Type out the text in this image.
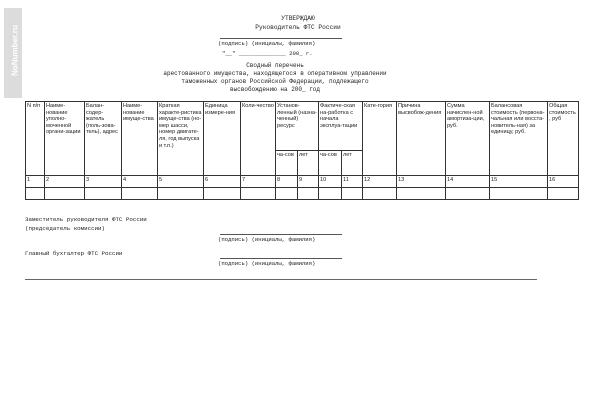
NoNumber.ru
УТВЕРЖДАЮ
Руководитель ФТС России
(подпись) (инициалы, фамилия)
"__" ______________ 200_ г.
Сводный перечень
арестованного имущества, находящегося в оперативном управлении
таможенных органов Российской Федерации, подлежащего
высвобождению на 200_ год
N п/п	Наиме-нование уполно-моченной органи-зации	Балан-содер-жатель (поль-зова-тель), адрес	Наиме-нование имуще-ства	Краткая характе-ристика имуще-ства (но-мер шасси, номер двигате-ля, год выпуска и т.п.)	Единица измере-ния	Коли-чество	Установ-ленный (назна-ченный) ресурс		Фактиче-ская на-работка с начала эксплуа-тации		Кате-гория	Причина высвобож-дения	Сумма начислен-ной амортиза-ции, руб.	Балансовая стоимость (первона-чальная или восста-новитель-ная) за единицу, руб.	Общая стоимость, руб
							ча-сов	лет	ча-сов	лет					
1	2	3	4	5	6	7	8	9	10	11	12	13	14	15	16

Заместитель руководителя ФТС России
(председатель комиссии)
(подпись) (инициалы, фамилия)
Главный бухгалтер ФТС России
(подпись) (инициалы, фамилия)
